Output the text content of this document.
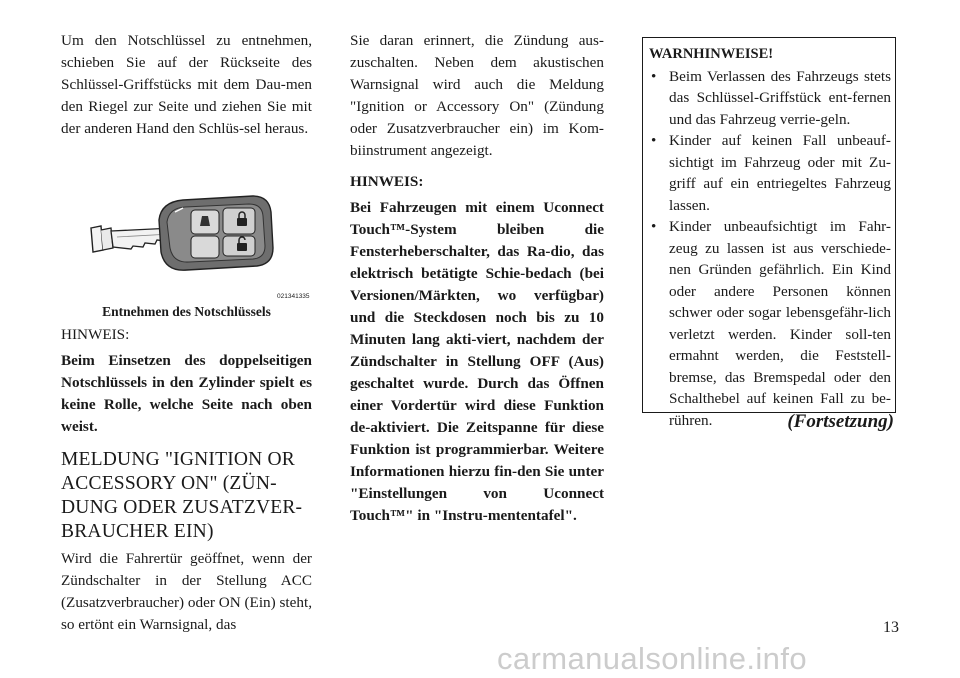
Um den Notschlüssel zu entnehmen, schieben Sie auf der Rückseite des Schlüssel-Griffstücks mit dem Dau-men den Riegel zur Seite und ziehen Sie mit der anderen Hand den Schlüs-sel heraus.

021341335
Entnehmen des Notschlüssels

HINWEIS:

Beim Einsetzen des doppelseitigen Notschlüssels in den Zylinder spielt es keine Rolle, welche Seite nach oben weist.

MELDUNG "IGNITION OR ACCESSORY ON" (ZÜN-DUNG ODER ZUSATZVER-BRAUCHER EIN)

Wird die Fahrertür geöffnet, wenn der Zündschalter in der Stellung ACC (Zusatzverbraucher) oder ON (Ein) steht, so ertönt ein Warnsignal, das

Sie daran erinnert, die Zündung aus-zuschalten. Neben dem akustischen Warnsignal wird auch die Meldung "Ignition or Accessory On" (Zündung oder Zusatzverbraucher ein) im Kom-biinstrument angezeigt.

HINWEIS:

Bei Fahrzeugen mit einem Uconnect Touch™-System bleiben die Fensterheberschalter, das Ra-dio, das elektrisch betätigte Schie-bedach (bei Versionen/Märkten, wo verfügbar) und die Steckdosen noch bis zu 10 Minuten lang akti-viert, nachdem der Zündschalter in Stellung OFF (Aus) geschaltet wurde. Durch das Öffnen einer Vordertür wird diese Funktion de-aktiviert. Die Zeitspanne für diese Funktion ist programmierbar. Weitere Informationen hierzu fin-den Sie unter "Einstellungen von Uconnect Touch™" in "Instru-mententafel".

WARNHINWEISE!
• Beim Verlassen des Fahrzeugs stets das Schlüssel-Griffstück ent-fernen und das Fahrzeug verrie-geln.
• Kinder auf keinen Fall unbeauf-sichtigt im Fahrzeug oder mit Zu-griff auf ein entriegeltes Fahrzeug lassen.
• Kinder unbeaufsichtigt im Fahr-zeug zu lassen ist aus verschiede-nen Gründen gefährlich. Ein Kind oder andere Personen können schwer oder sogar lebensgefähr-lich verletzt werden. Kinder soll-ten ermahnt werden, die Feststell-bremse, das Bremspedal oder den Schalthebel auf keinen Fall zu be-rühren.	(Fortsetzung)
13
carmanualsonline.info
